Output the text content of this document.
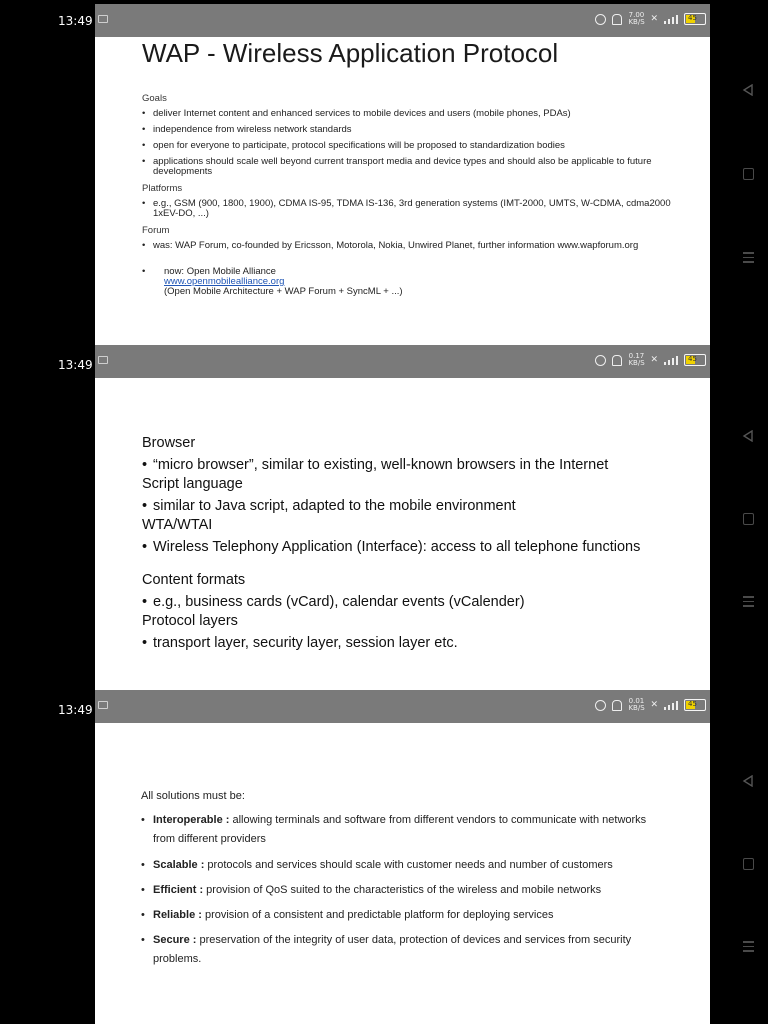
13:49	7.00 KB/S ✕	45
WAP - Wireless Application Protocol
Goals
• deliver Internet content and enhanced services to mobile devices and users (mobile phones, PDAs)
• independence from wireless network standards
• open for everyone to participate, protocol specifications will be proposed to standardization bodies
• applications should scale well beyond current transport media and device types and should also be applicable to future developments
Platforms
• e.g., GSM (900, 1800, 1900), CDMA IS-95, TDMA IS-136, 3rd generation systems (IMT-2000, UMTS, W-CDMA, cdma2000 1xEV-DO, ...)
Forum
• was: WAP Forum, co-founded by Ericsson, Motorola, Nokia, Unwired Planet, further information www.wapforum.org
• now: Open Mobile Alliance
www.openmobilealliance.org
(Open Mobile Architecture + WAP Forum + SyncML + ...)
13:49
0.17 KB/S ✕	45
Browser
• “micro browser”, similar to existing, well-known browsers in the Internet
Script language
• similar to Java script, adapted to the mobile environment
WTA/WTAI
• Wireless Telephony Application (Interface): access to all telephone functions
Content formats
• e.g., business cards (vCard), calendar events (vCalender)
Protocol layers
• transport layer, security layer, session layer etc.
13:49
0.01 KB/S ✕	45
All solutions must be:
• Interoperable : allowing terminals and software from different vendors to communicate with networks from different providers
• Scalable : protocols and services should scale with customer needs and number of customers
• Efficient : provision of QoS suited to the characteristics of the wireless and mobile networks
• Reliable : provision of a consistent and predictable platform for deploying services
• Secure : preservation of the integrity of user data, protection of devices and services from security problems.
